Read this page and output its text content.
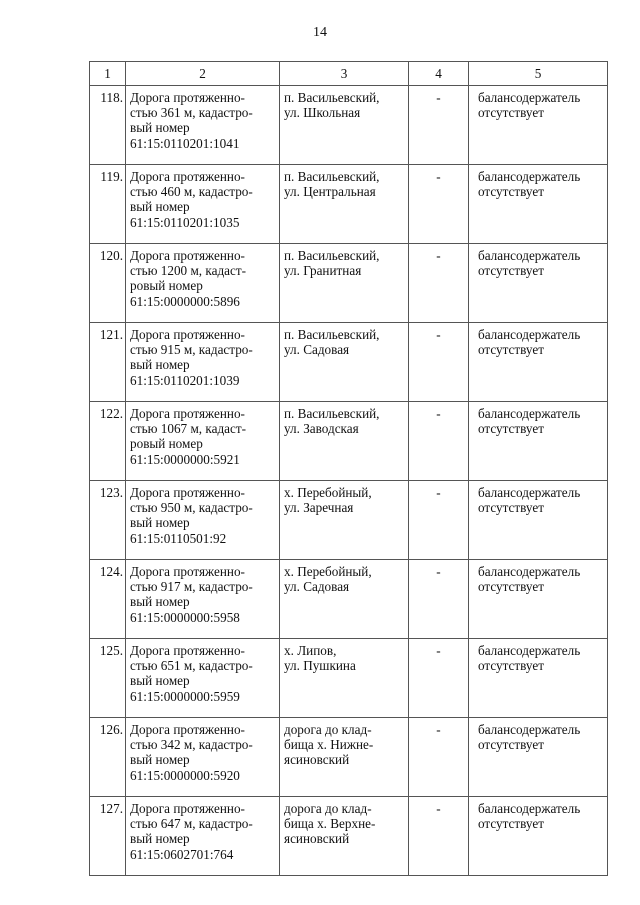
14
1	2	3	4	5
118.	Дорога протяженно-
стью 361 м, кадастро-
вый номер
61:15:0110201:1041	п. Васильевский,
ул. Школьная	-	балансодержатель
отсутствует

119.	Дорога протяженно-
стью 460 м, кадастро-
вый номер
61:15:0110201:1035	п. Васильевский,
ул. Центральная	-	балансодержатель
отсутствует

120.	Дорога протяженно-
стью 1200 м, кадаст-
ровый номер
61:15:0000000:5896	п. Васильевский,
ул. Гранитная	-	балансодержатель
отсутствует

121.	Дорога протяженно-
стью 915 м, кадастро-
вый номер
61:15:0110201:1039	п. Васильевский,
ул. Садовая	-	балансодержатель
отсутствует

122.	Дорога протяженно-
стью 1067 м, кадаст-
ровый номер
61:15:0000000:5921	п. Васильевский,
ул. Заводская	-	балансодержатель
отсутствует

123.	Дорога протяженно-
стью 950 м, кадастро-
вый номер
61:15:0110501:92	х. Перебойный,
ул. Заречная	-	балансодержатель
отсутствует

124.	Дорога протяженно-
стью 917 м, кадастро-
вый номер
61:15:0000000:5958	х. Перебойный,
ул. Садовая	-	балансодержатель
отсутствует

125.	Дорога протяженно-
стью 651 м, кадастро-
вый номер
61:15:0000000:5959	х. Липов,
ул. Пушкина	-	балансодержатель
отсутствует

126.	Дорога протяженно-
стью 342 м, кадастро-
вый номер
61:15:0000000:5920	дорога до клад-
бища х. Нижне-
ясиновский	-	балансодержатель
отсутствует

127.	Дорога протяженно-
стью 647 м, кадастро-
вый номер
61:15:0602701:764	дорога до клад-
бища х. Верхне-
ясиновский	-	балансодержатель
отсутствует
